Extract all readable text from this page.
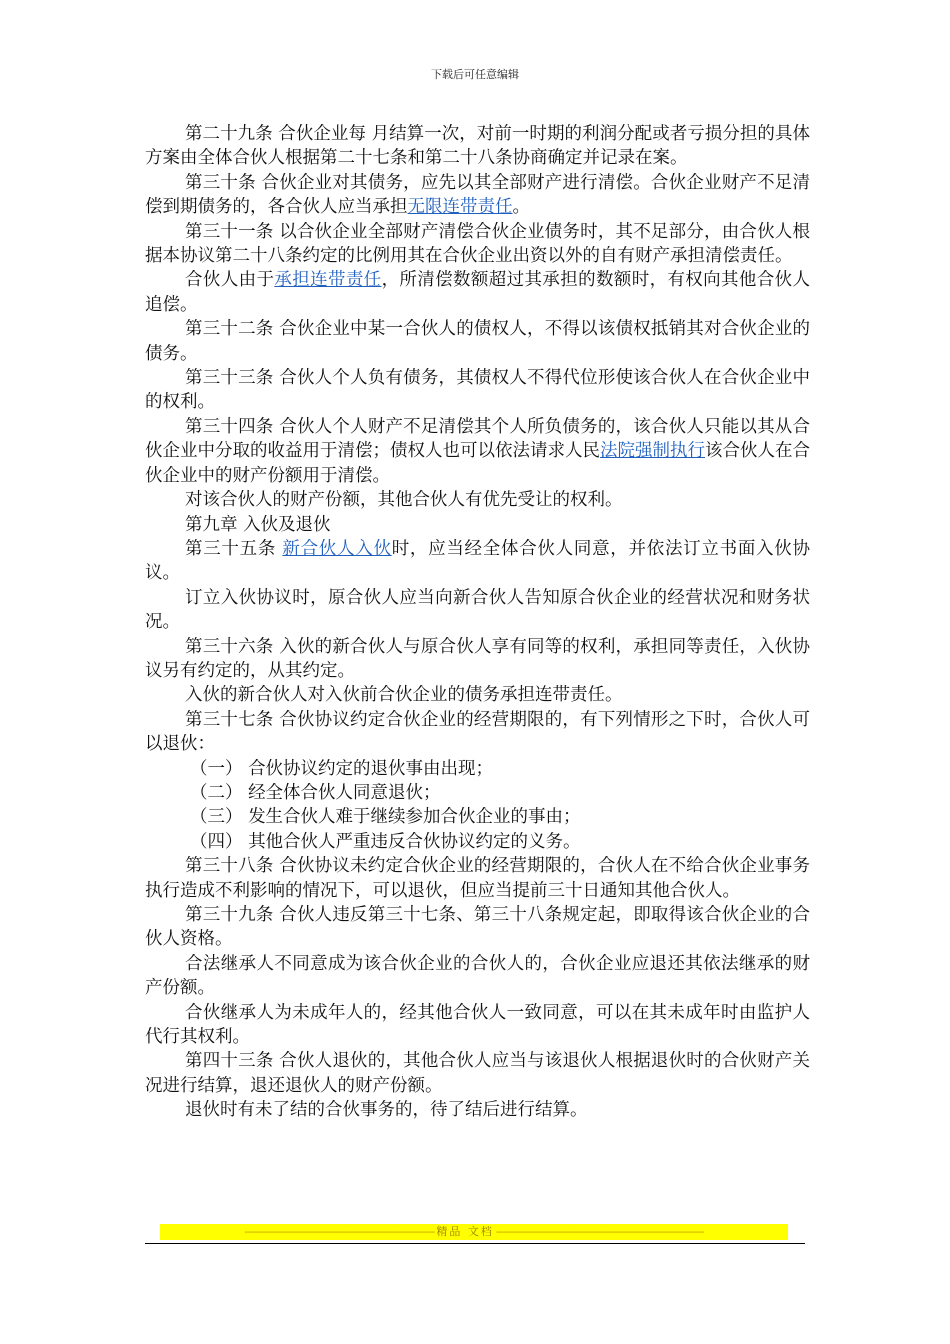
下载后可任意编辑

第二十九条 合伙企业每 月结算一次，对前一时期的利润分配或者亏损分担的具体方案由全体合伙人根据第二十七条和第二十八条协商确定并记录在案。

第三十条 合伙企业对其债务，应先以其全部财产进行清偿。合伙企业财产不足清偿到期债务的，各合伙人应当承担无限连带责任。

第三十一条 以合伙企业全部财产清偿合伙企业债务时，其不足部分，由合伙人根据本协议第二十八条约定的比例用其在合伙企业出资以外的自有财产承担清偿责任。

合伙人由于承担连带责任，所清偿数额超过其承担的数额时，有权向其他合伙人追偿。

第三十二条 合伙企业中某一合伙人的债权人，不得以该债权抵销其对合伙企业的债务。

第三十三条 合伙人个人负有债务，其债权人不得代位形使该合伙人在合伙企业中的权利。

第三十四条 合伙人个人财产不足清偿其个人所负债务的，该合伙人只能以其从合伙企业中分取的收益用于清偿；债权人也可以依法请求人民法院强制执行该合伙人在合伙企业中的财产份额用于清偿。

对该合伙人的财产份额，其他合伙人有优先受让的权利。

第九章 入伙及退伙

第三十五条 新合伙人入伙时，应当经全体合伙人同意，并依法订立书面入伙协议。

订立入伙协议时，原合伙人应当向新合伙人告知原合伙企业的经营状况和财务状况。

第三十六条 入伙的新合伙人与原合伙人享有同等的权利，承担同等责任，入伙协议另有约定的，从其约定。

入伙的新合伙人对入伙前合伙企业的债务承担连带责任。

第三十七条 合伙协议约定合伙企业的经营期限的，有下列情形之下时，合伙人可以退伙：

（一） 合伙协议约定的退伙事由出现；

（二） 经全体合伙人同意退伙；

（三） 发生合伙人难于继续参加合伙企业的事由；

（四） 其他合伙人严重违反合伙协议约定的义务。

第三十八条 合伙协议未约定合伙企业的经营期限的，合伙人在不给合伙企业事务执行造成不利影响的情况下，可以退伙，但应当提前三十日通知其他合伙人。

第三十九条 合伙人违反第三十七条、第三十八条规定起，即取得该合伙企业的合伙人资格。

合法继承人不同意成为该合伙企业的合伙人的，合伙企业应退还其依法继承的财产份额。

合伙继承人为未成年人的，经其他合伙人一致同意，可以在其未成年时由监护人代行其权利。

第四十三条 合伙人退伙的，其他合伙人应当与该退伙人根据退伙时的合伙财产关况进行结算，退还退伙人的财产份额。

退伙时有未了结的合伙事务的，待了结后进行结算。

---------------------------------------------------------------- 精品 文档 ----------------------------------------------------------------------
